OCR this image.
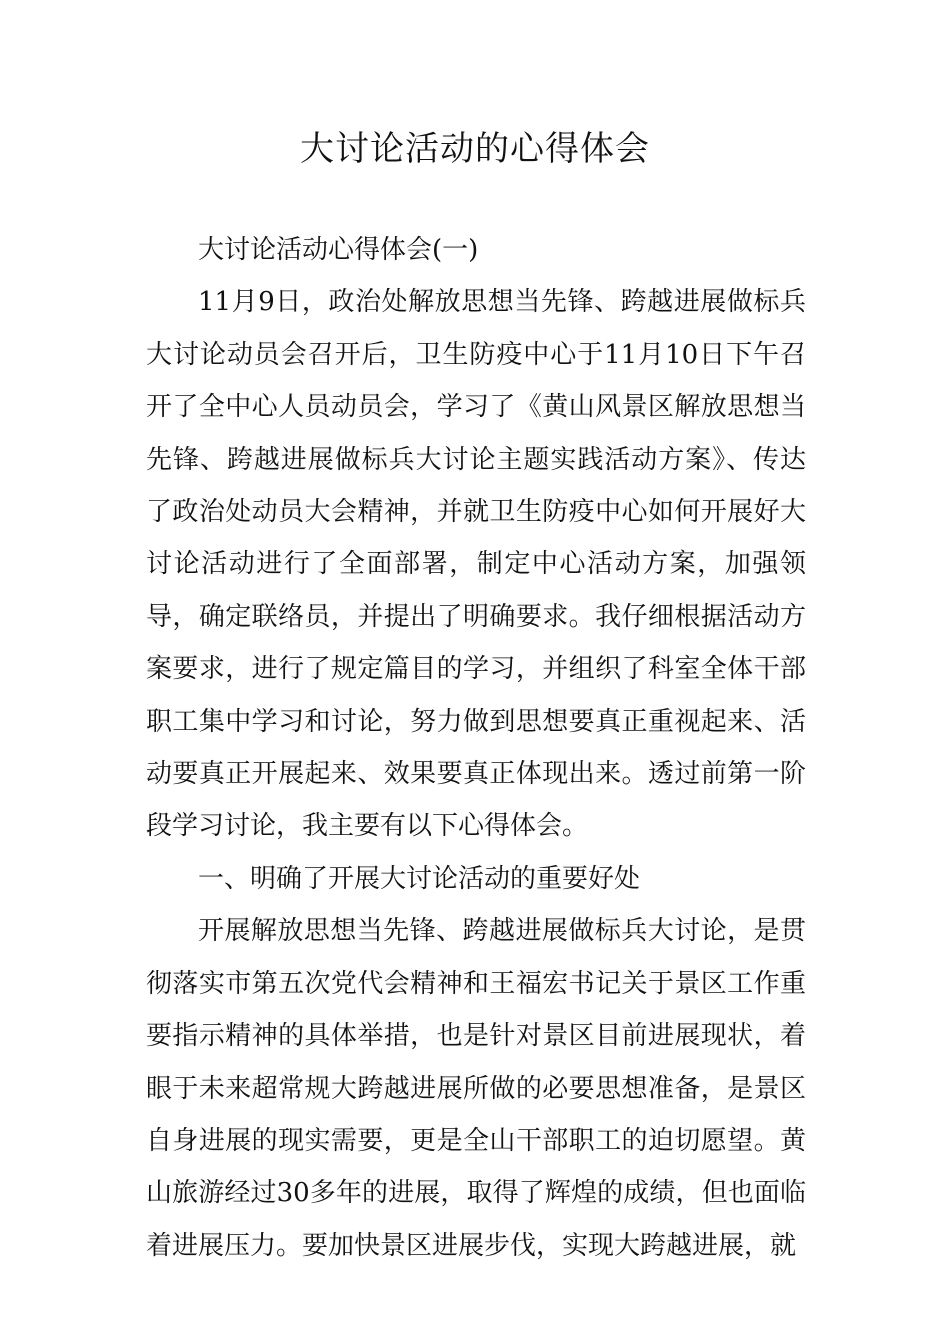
大讨论活动的心得体会

大讨论活动心得体会(一)

11月9日，政治处解放思想当先锋、跨越进展做标兵大讨论动员会召开后，卫生防疫中心于11月10日下午召开了全中心人员动员会，学习了《黄山风景区解放思想当先锋、跨越进展做标兵大讨论主题实践活动方案》、传达了政治处动员大会精神，并就卫生防疫中心如何开展好大讨论活动进行了全面部署，制定中心活动方案，加强领导，确定联络员，并提出了明确要求。我仔细根据活动方案要求，进行了规定篇目的学习，并组织了科室全体干部职工集中学习和讨论，努力做到思想要真正重视起来、活动要真正开展起来、效果要真正体现出来。透过前第一阶段学习讨论，我主要有以下心得体会。

一、明确了开展大讨论活动的重要好处

开展解放思想当先锋、跨越进展做标兵大讨论，是贯彻落实市第五次党代会精神和王福宏书记关于景区工作重要指示精神的具体举措，也是针对景区目前进展现状，着眼于未来超常规大跨越进展所做的必要思想准备，是景区自身进展的现实需要，更是全山干部职工的迫切愿望。黄山旅游经过30多年的进展，取得了辉煌的成绩，但也面临着进展压力。要加快景区进展步伐，实现大跨越进展，就
